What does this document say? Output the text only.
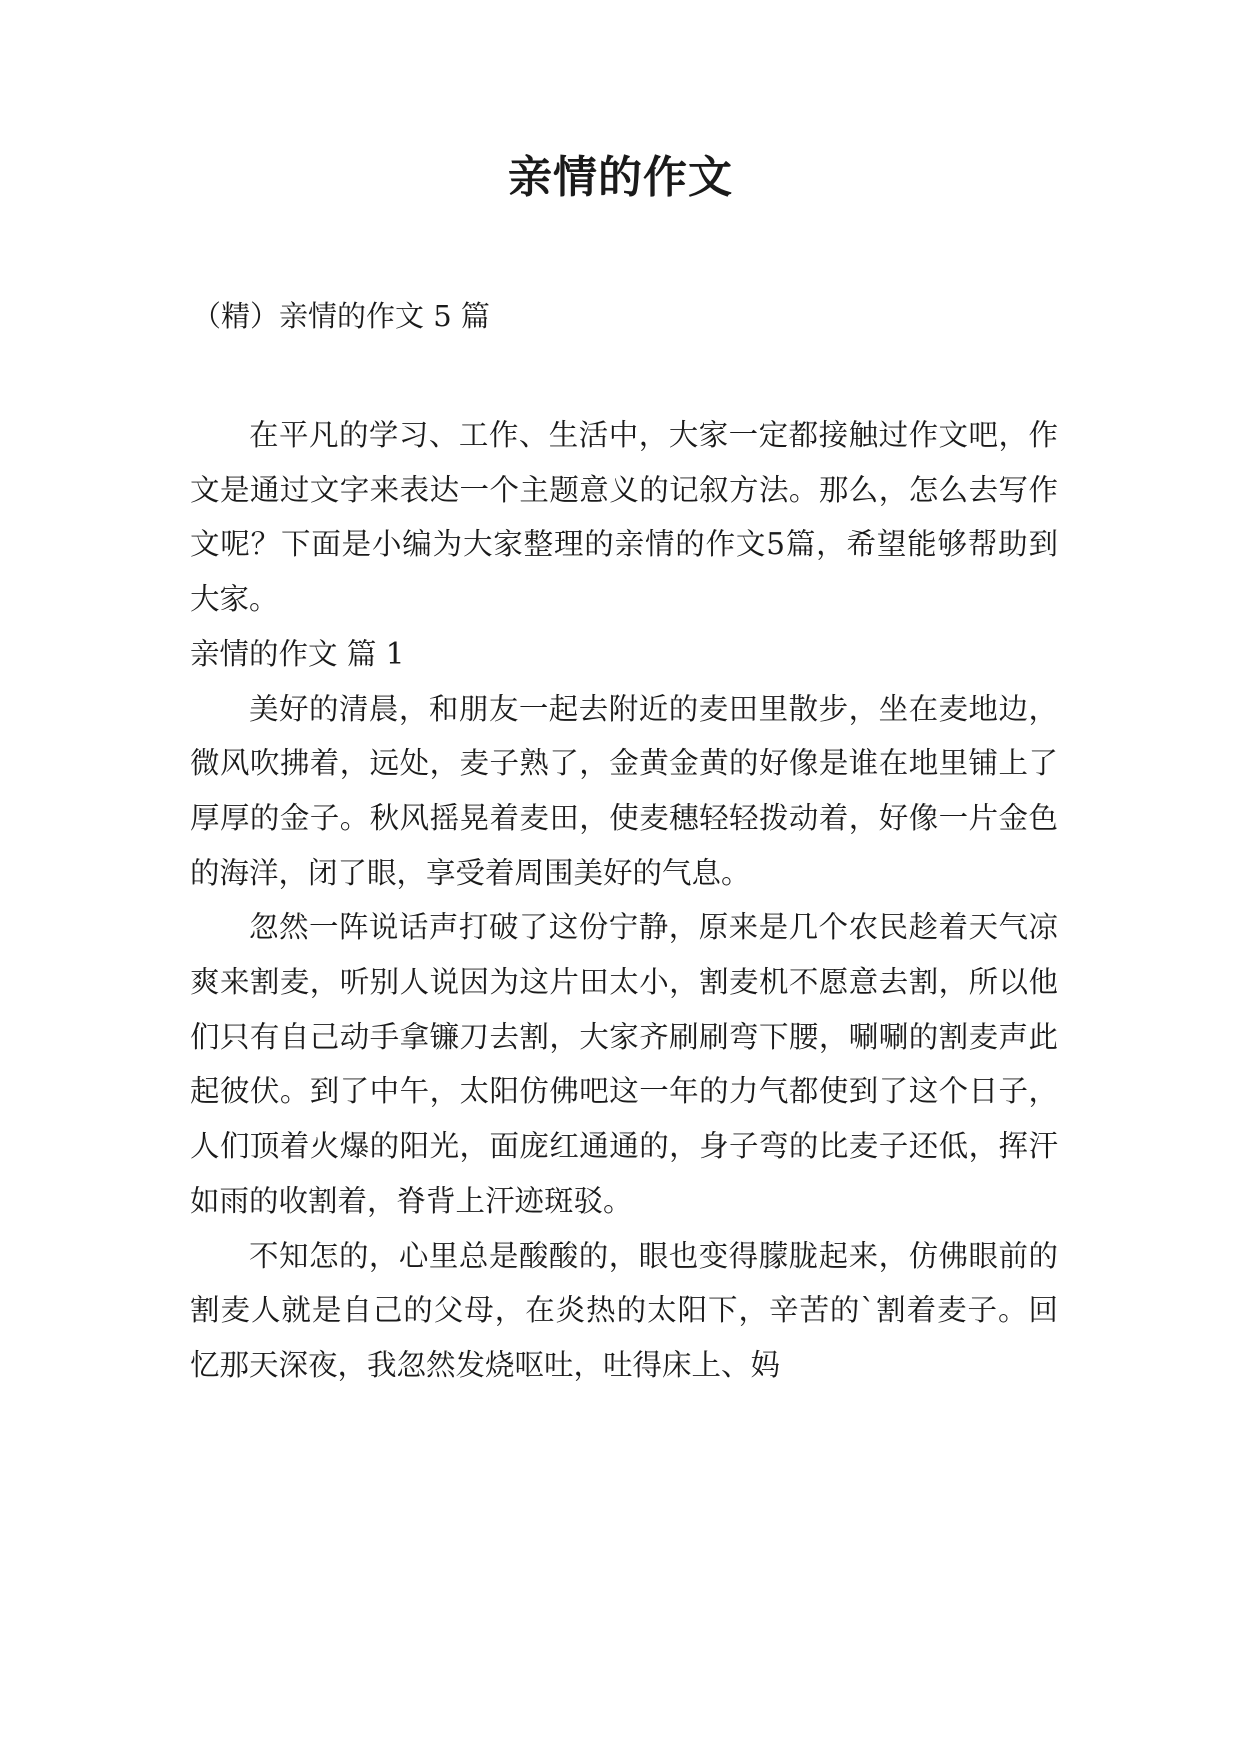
亲情的作文
（精）亲情的作文 5 篇

在平凡的学习、工作、生活中，大家一定都接触过作文吧，作文是通过文字来表达一个主题意义的记叙方法。那么，怎么去写作文呢？下面是小编为大家整理的亲情的作文5篇，希望能够帮助到大家。

亲情的作文 篇 1

美好的清晨，和朋友一起去附近的麦田里散步，坐在麦地边，微风吹拂着，远处，麦子熟了，金黄金黄的好像是谁在地里铺上了厚厚的金子。秋风摇晃着麦田，使麦穗轻轻拨动着，好像一片金色的海洋，闭了眼，享受着周围美好的气息。

忽然一阵说话声打破了这份宁静，原来是几个农民趁着天气凉爽来割麦，听别人说因为这片田太小，割麦机不愿意去割，所以他们只有自己动手拿镰刀去割，大家齐刷刷弯下腰，唰唰的割麦声此起彼伏。到了中午，太阳仿佛吧这一年的力气都使到了这个日子，人们顶着火爆的阳光，面庞红通通的，身子弯的比麦子还低，挥汗如雨的收割着，脊背上汗迹斑驳。

不知怎的，心里总是酸酸的，眼也变得朦胧起来，仿佛眼前的割麦人就是自己的父母，在炎热的太阳下，辛苦的`割着麦子。回忆那天深夜，我忽然发烧呕吐，吐得床上、妈
